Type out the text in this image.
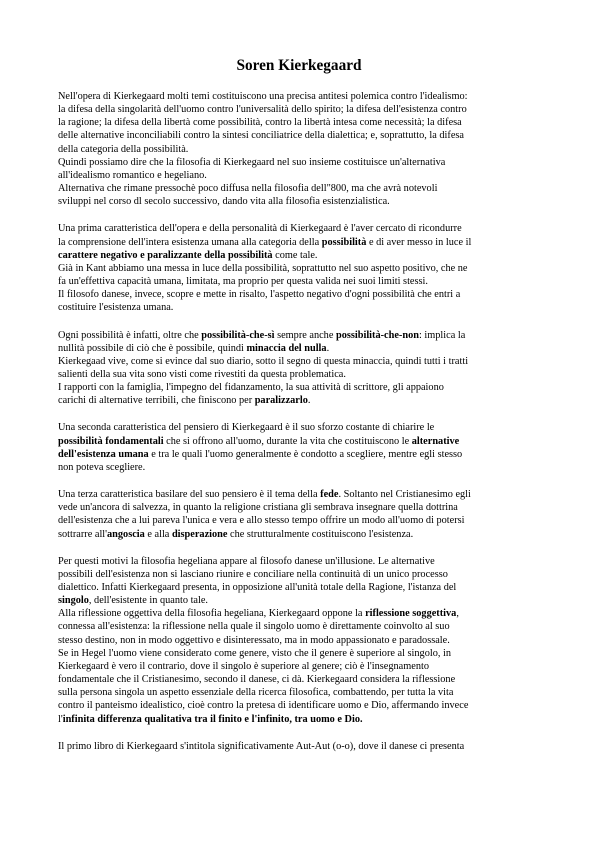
Soren Kierkegaard

Nell'opera di Kierkegaard molti temi costituiscono una precisa antitesi polemica contro l'idealismo:
la difesa della singolarità dell'uomo contro l'universalità dello spirito; la difesa dell'esistenza contro
la ragione; la difesa della libertà come possibilità, contro la libertà intesa come necessità; la difesa
delle alternative inconciliabili contro la sintesi conciliatrice della dialettica; e, soprattutto, la difesa
della categoria della possibilità.
Quindi possiamo dire che la filosofia di Kierkegaard nel suo insieme costituisce un'alternativa
all'idealismo romantico e hegeliano.
Alternativa che rimane pressochè poco diffusa nella filosofia dell"800, ma che avrà notevoli
sviluppi nel corso dl secolo successivo, dando vita alla filosofia esistenzialistica.

Una prima caratteristica dell'opera e della personalità di Kierkegaard è l'aver cercato di ricondurre
la comprensione dell'intera esistenza umana alla categoria della possibilità e di aver messo in luce il
carattere negativo e paralizzante della possibilità come tale.
Già in Kant abbiamo una messa in luce della possibilità, soprattutto nel suo aspetto positivo, che ne
fa un'effettiva capacità umana, limitata, ma proprio per questa valida nei suoi limiti stessi.
Il filosofo danese, invece, scopre e mette in risalto, l'aspetto negativo d'ogni possibilità che entri a
costituire l'esistenza umana.

Ogni possibilità è infatti, oltre che possibilità-che-sì sempre anche possibilità-che-non: implica la
nullità possibile di ciò che è possibile, quindi minaccia del nulla.
Kierkegaad vive, come si evince dal suo diario, sotto il segno di questa minaccia, quindi tutti i tratti
salienti della sua vita sono visti come rivestiti da questa problematica.
I rapporti con la famiglia, l'impegno del fidanzamento, la sua attività di scrittore, gli appaiono
carichi di alternative terribili, che finiscono per paralizzarlo.

Una seconda caratteristica del pensiero di Kierkegaard è il suo sforzo costante di chiarire le
possibilità fondamentali che si offrono all'uomo, durante la vita che costituiscono le alternative
dell'esistenza umana e tra le quali l'uomo generalmente è condotto a scegliere, mentre egli stesso
non poteva scegliere.

Una terza caratteristica basilare del suo pensiero è il tema della fede. Soltanto nel Cristianesimo egli
vede un'ancora di salvezza, in quanto la religione cristiana gli sembrava insegnare quella dottrina
dell'esistenza che a lui pareva l'unica e vera e allo stesso tempo offrire un modo all'uomo di potersi
sottrarre all'angoscia e alla disperazione che strutturalmente costituiscono l'esistenza.

Per questi motivi la filosofia hegeliana appare al filosofo danese un'illusione. Le alternative
possibili dell'esistenza non si lasciano riunire e conciliare nella continuità di un unico processo
dialettico. Infatti Kierkegaard presenta, in opposizione all'unità totale della Ragione, l'istanza del
singolo, dell'esistente in quanto tale.
Alla riflessione oggettiva della filosofia hegeliana, Kierkegaard oppone la riflessione soggettiva,
connessa all'esistenza: la riflessione nella quale il singolo uomo è direttamente coinvolto al suo
stesso destino, non in modo oggettivo e disinteressato, ma in modo appassionato e paradossale.
Se in Hegel l'uomo viene considerato come genere, visto che il genere è superiore al singolo, in
Kierkegaard è vero il contrario, dove il singolo è superiore al genere; ciò è l'insegnamento
fondamentale che il Cristianesimo, secondo il danese, ci dà. Kierkegaard considera la riflessione
sulla persona singola un aspetto essenziale della ricerca filosofica, combattendo, per tutta la vita
contro il panteismo idealistico, cioè contro la pretesa di identificare uomo e Dio, affermando invece
l'infinita differenza qualitativa tra il finito e l'infinito, tra uomo e Dio.

Il primo libro di Kierkegaard s'intitola significativamente Aut-Aut (o-o), dove il danese ci presenta
